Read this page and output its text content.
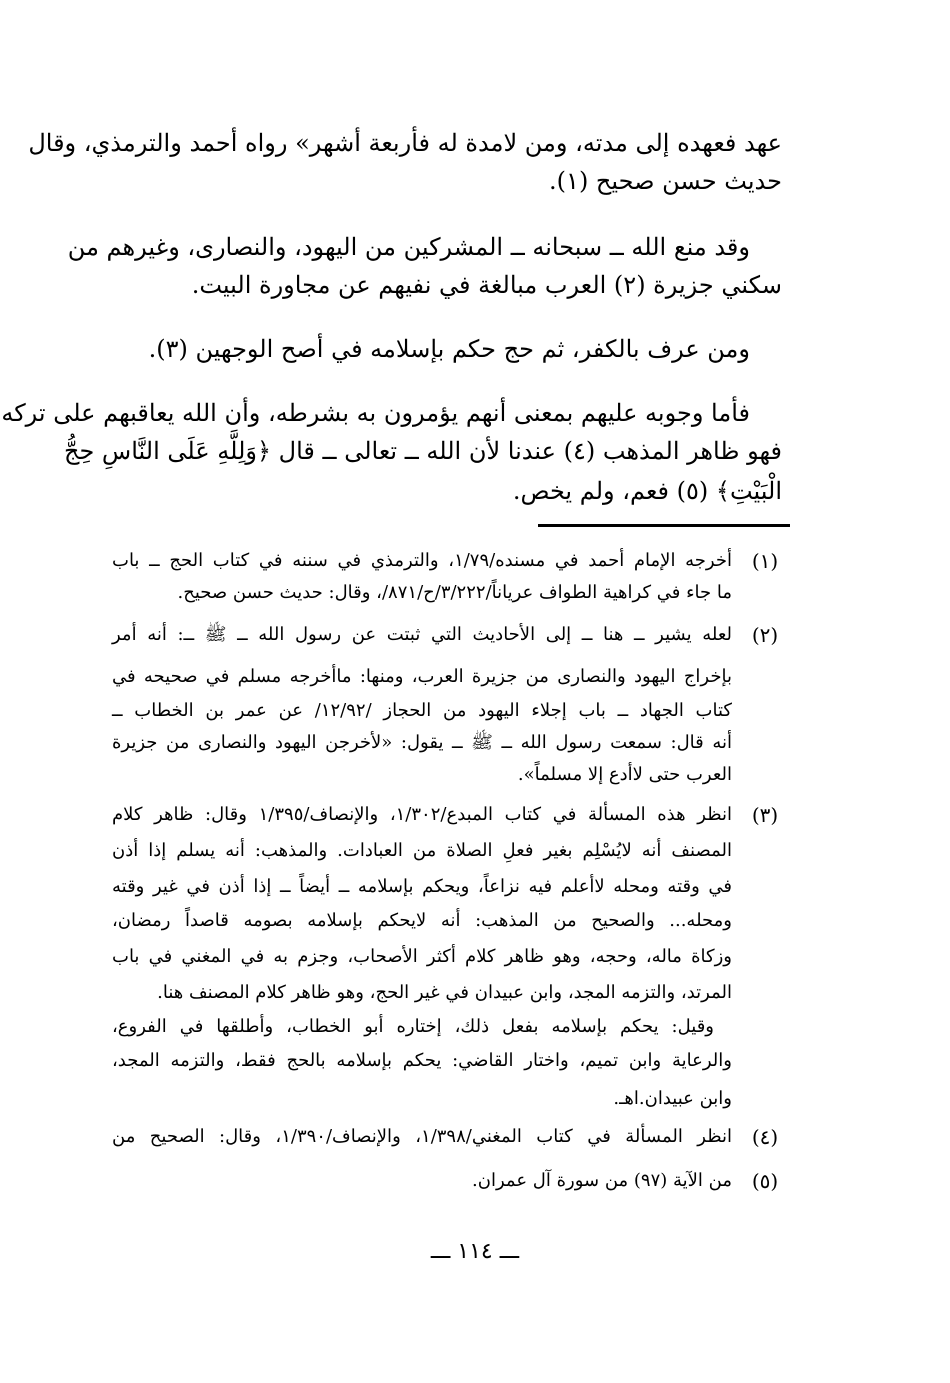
عهد فعهده إلى مدته، ومن لامدة له فأربعة أشهر» رواه أحمد والترمذي، وقال
حديث حسن صحيح (١).
وقد منع الله ــ سبحانه ــ المشركين من اليهود، والنصارى، وغيرهم من
سكني جزيرة (٢) العرب مبالغة في نفيهم عن مجاورة البيت.
ومن عرف بالكفر، ثم حج حكم بإسلامه في أصح الوجهين (٣).
فأما وجوبه عليهم بمعنى أنهم يؤمرون به بشرطه، وأن الله يعاقبهم على تركه
فهو ظاهر المذهب (٤) عندنا لأن الله ــ تعالى ــ قال ﴿وَلِلَّهِ عَلَى النَّاسِ حِجُّ
الْبَيْتِ﴾ (٥) فعم، ولم يخص.
(١)
أخرجه الإمام أحمد في مسنده/١/٧٩، والترمذي في سننه في كتاب الحج ــ باب
ما جاء في كراهية الطواف عرياناً/٣/٢٢٢/ح/٨٧١/، وقال: حديث حسن صحيح.
(٢)
لعله يشير ــ هنا ــ إلى الأحاديث التي ثبتت عن رسول الله ــ ﷺ ــ: أنه أمر
بإخراج اليهود والنصارى من جزيرة العرب، ومنها: ماأخرجه مسلم في صحيحه في
كتاب الجهاد ــ باب إجلاء اليهود من الحجاز /١٢/٩٢/ عن عمر بن الخطاب ــ
أنه قال: سمعت رسول الله ــ ﷺ ــ يقول: «لأخرجن اليهود والنصارى من جزيرة
العرب حتى لاأدع إلا مسلماً».
(٣)
انظر هذه المسألة في كتاب المبدع/١/٣٠٢، والإنصاف/١/٣٩٥ وقال: ظاهر كلام
المصنف أنه لايُسْلِم بغير فعلِ الصلاة من العبادات. والمذهب: أنه يسلم إذا أذن
في وقته ومحله لاأعلم فيه نزاعاً، ويحكم بإسلامه ــ أيضاً ــ إذا أذن في غير وقته
ومحله... والصحيح من المذهب: أنه لايحكم بإسلامه بصومه قاصداً رمضان،
وزكاة ماله، وحجه، وهو ظاهر كلام أكثر الأصحاب، وجزم به في المغني في باب
المرتد، والتزمه المجد، وابن عبيدان في غير الحج، وهو ظاهر كلام المصنف هنا.
وقيل: يحكم بإسلامه بفعل ذلك، إختاره أبو الخطاب، وأطلقها في الفروع،
والرعاية وابن تميم، واختار القاضي: يحكم بإسلامه بالحج فقط، والتزمه المجد،
وابن عبيدان.اهـ.
(٤)
انظر المسألة في كتاب المغني/١/٣٩٨، والإنصاف/١/٣٩٠، وقال: الصحيح من
(٥)
من الآية (٩٧) من سورة آل عمران.
ـــ ١١٤ ـــ
